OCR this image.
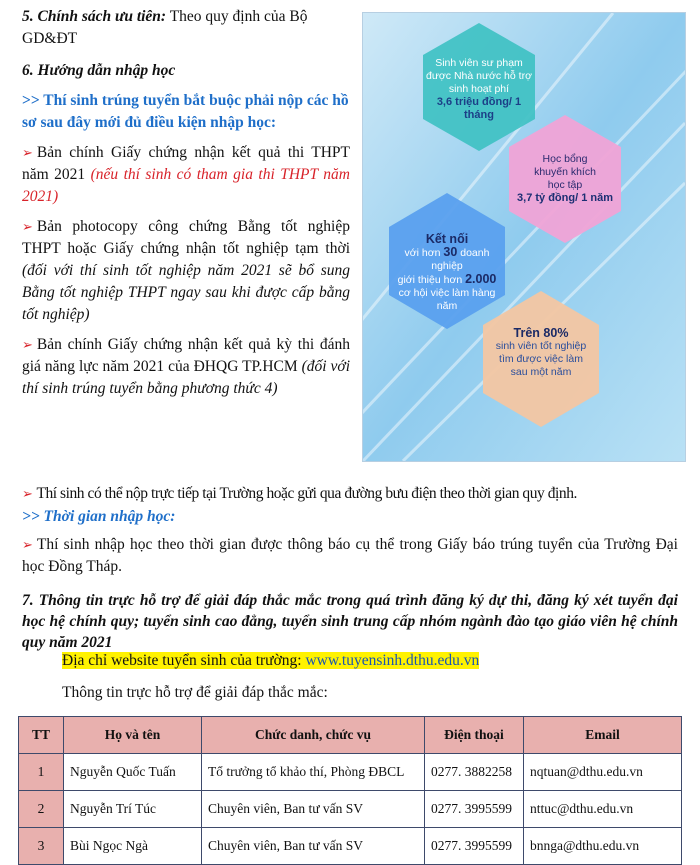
5. Chính sách ưu tiên: Theo quy định của Bộ GD&ĐT

6. Hướng dẫn nhập học

>> Thí sinh trúng tuyển bắt buộc phải nộp các hồ sơ sau đây mới đủ điều kiện nhập học:

➢ Bản chính Giấy chứng nhận kết quả thi THPT năm 2021 (nếu thí sinh có tham gia thi THPT năm 2021)

➢ Bản photocopy công chứng Bằng tốt nghiệp THPT hoặc Giấy chứng nhận tốt nghiệp tạm thời (đối với thí sinh tốt nghiệp năm 2021 sẽ bổ sung Bằng tốt nghiệp THPT ngay sau khi được cấp bằng tốt nghiệp)

➢ Bản chính Giấy chứng nhận kết quả kỳ thi đánh giá năng lực năm 2021 của ĐHQG TP.HCM (đối với thí sinh trúng tuyển bằng phương thức 4)

Sinh viên sư phạm
được Nhà nước hỗ trợ
sinh hoạt phí
3,6 triệu đồng/ 1 tháng
Học bổng
khuyến khích
học tập
3,7 tỷ đồng/ 1 năm
Kết nối
với hơn 30 doanh nghiệp
giới thiệu hơn 2.000
cơ hội việc làm hàng năm
Trên 80%
sinh viên tốt nghiệp
tìm được việc làm
sau một năm

➢ Thí sinh có thể nộp trực tiếp tại Trường hoặc gửi qua đường bưu điện theo thời gian quy định.

>> Thời gian nhập học:

➢ Thí sinh nhập học theo thời gian được thông báo cụ thể trong Giấy báo trúng tuyển của Trường Đại học Đồng Tháp.

7. Thông tin trực hỗ trợ để giải đáp thắc mắc trong quá trình đăng ký dự thi, đăng ký xét tuyển đại học hệ chính quy; tuyển sinh cao đẳng, tuyển sinh trung cấp nhóm ngành đào tạo giáo viên hệ chính quy năm 2021

Địa chỉ website tuyển sinh của trường: www.tuyensinh.dthu.edu.vn
Thông tin trực hỗ trợ để giải đáp thắc mắc:
TT	Họ và tên	Chức danh, chức vụ	Điện thoại	Email
1	Nguyễn Quốc Tuấn	Tổ trưởng tổ khảo thí, Phòng ĐBCL	0277. 3882258	nqtuan@dthu.edu.vn
2	Nguyễn Trí Túc	Chuyên viên, Ban tư vấn SV	0277. 3995599	nttuc@dthu.edu.vn
3	Bùi Ngọc Ngà	Chuyên viên, Ban tư vấn SV	0277. 3995599	bnnga@dthu.edu.vn
